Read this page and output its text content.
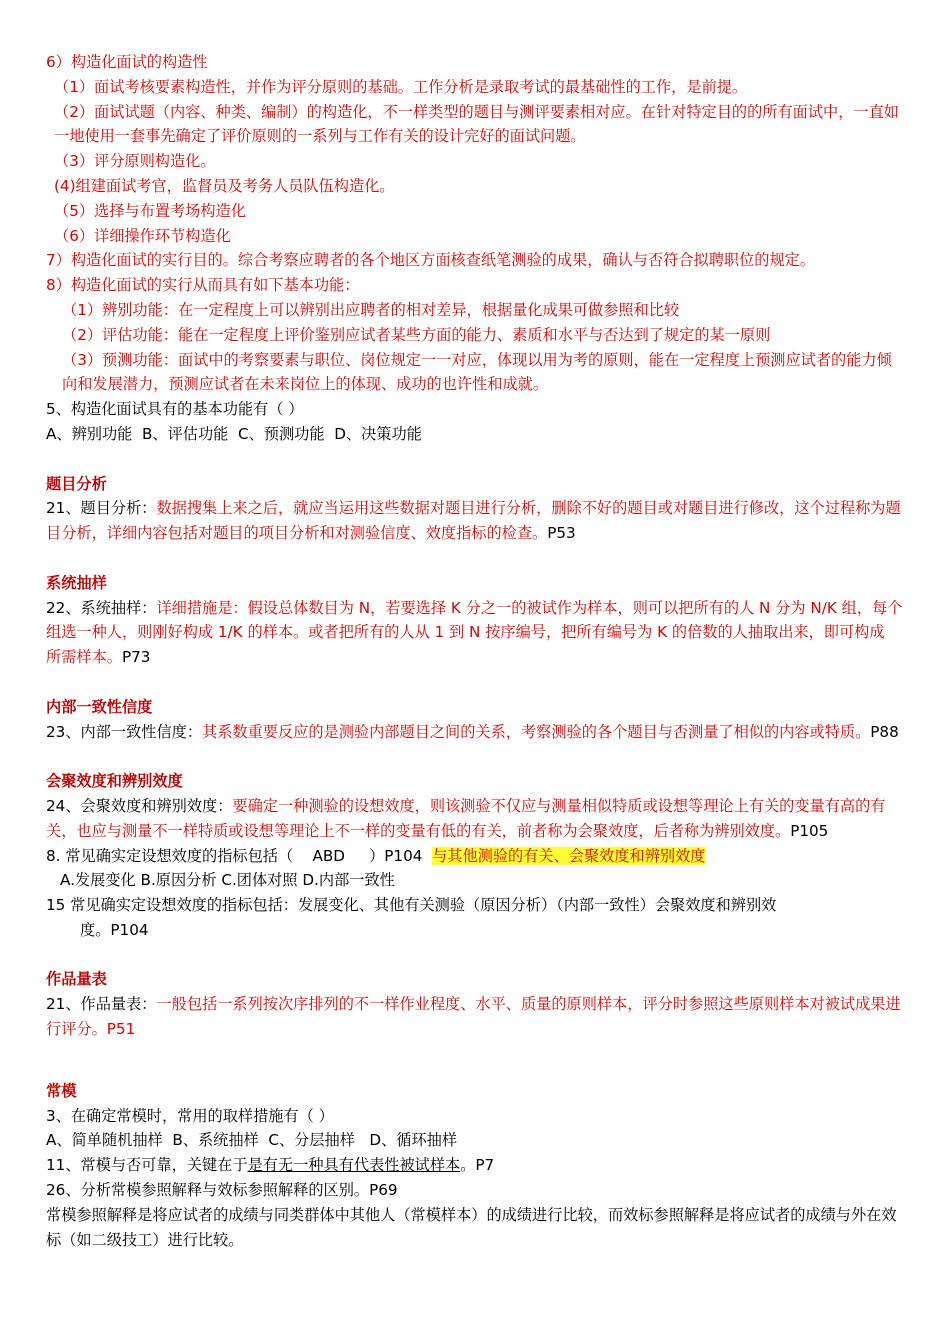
6）构造化面试的构造性

（1）面试考核要素构造性，并作为评分原则的基础。工作分析是录取考试的最基础性的工作，是前提。

（2）面试试题（内容、种类、编制）的构造化，不一样类型的题目与测评要素相对应。在针对特定目的的所有面试中，一直如一地使用一套事先确定了评价原则的一系列与工作有关的设计完好的面试问题。

（3）评分原则构造化。

(4)组建面试考官，监督员及考务人员队伍构造化。

（5）选择与布置考场构造化

（6）详细操作环节构造化

7）构造化面试的实行目的。综合考察应聘者的各个地区方面核查纸笔测验的成果，确认与否符合拟聘职位的规定。

8）构造化面试的实行从而具有如下基本功能：

（1）辨别功能：在一定程度上可以辨别出应聘者的相对差异，根据量化成果可做参照和比较

（2）评估功能：能在一定程度上评价鉴别应试者某些方面的能力、素质和水平与否达到了规定的某一原则

（3）预测功能：面试中的考察要素与职位、岗位规定一一对应，体现以用为考的原则，能在一定程度上预测应试者的能力倾向和发展潜力，预测应试者在未来岗位上的体现、成功的也许性和成就。

5、构造化面试具有的基本功能有（ ）

A、辨别功能  B、评估功能  C、预测功能  D、决策功能

题目分析

21、题目分析：数据搜集上来之后，就应当运用这些数据对题目进行分析，删除不好的题目或对题目进行修改，这个过程称为题目分析，详细内容包括对题目的项目分析和对测验信度、效度指标的检查。P53

系统抽样

22、系统抽样：详细措施是：假设总体数目为 N，若要选择 K 分之一的被试作为样本，则可以把所有的人 N 分为 N/K 组，每个组选一种人，则刚好构成 1/K 的样本。或者把所有的人从 1 到 N 按序编号，把所有编号为 K 的倍数的人抽取出来，即可构成 所需样本。P73

内部一致性信度

23、内部一致性信度：其系数重要反应的是测验内部题目之间的关系，考察测验的各个题目与否测量了相似的内容或特质。P88

会聚效度和辨别效度

24、会聚效度和辨别效度：要确定一种测验的设想效度，则该测验不仅应与测量相似特质或设想等理论上有关的变量有高的有关，也应与测量不一样特质或设想等理论上不一样的变量有低的有关，前者称为会聚效度，后者称为辨别效度。P105

8. 常见确实定设想效度的指标包括（    ABD     ）P104  与其他测验的有关、会聚效度和辨别效度

A.发展变化 B.原因分析 C.团体对照 D.内部一致性

15 常见确实定设想效度的指标包括：发展变化、其他有关测验（原因分析）（内部一致性）会聚效度和辨别效

度。P104

作品量表

21、作品量表：一般包括一系列按次序排列的不一样作业程度、水平、质量的原则样本，评分时参照这些原则样本对被试成果进行评分。P51

常模

3、在确定常模时，常用的取样措施有（ ）

A、简单随机抽样  B、系统抽样  C、分层抽样   D、循环抽样

11、常模与否可靠，关键在于是有无一种具有代表性被试样本。P7

26、分析常模参照解释与效标参照解释的区别。P69

常模参照解释是将应试者的成绩与同类群体中其他人（常模样本）的成绩进行比较，而效标参照解释是将应试者的成绩与外在效标（如二级技工）进行比较。
